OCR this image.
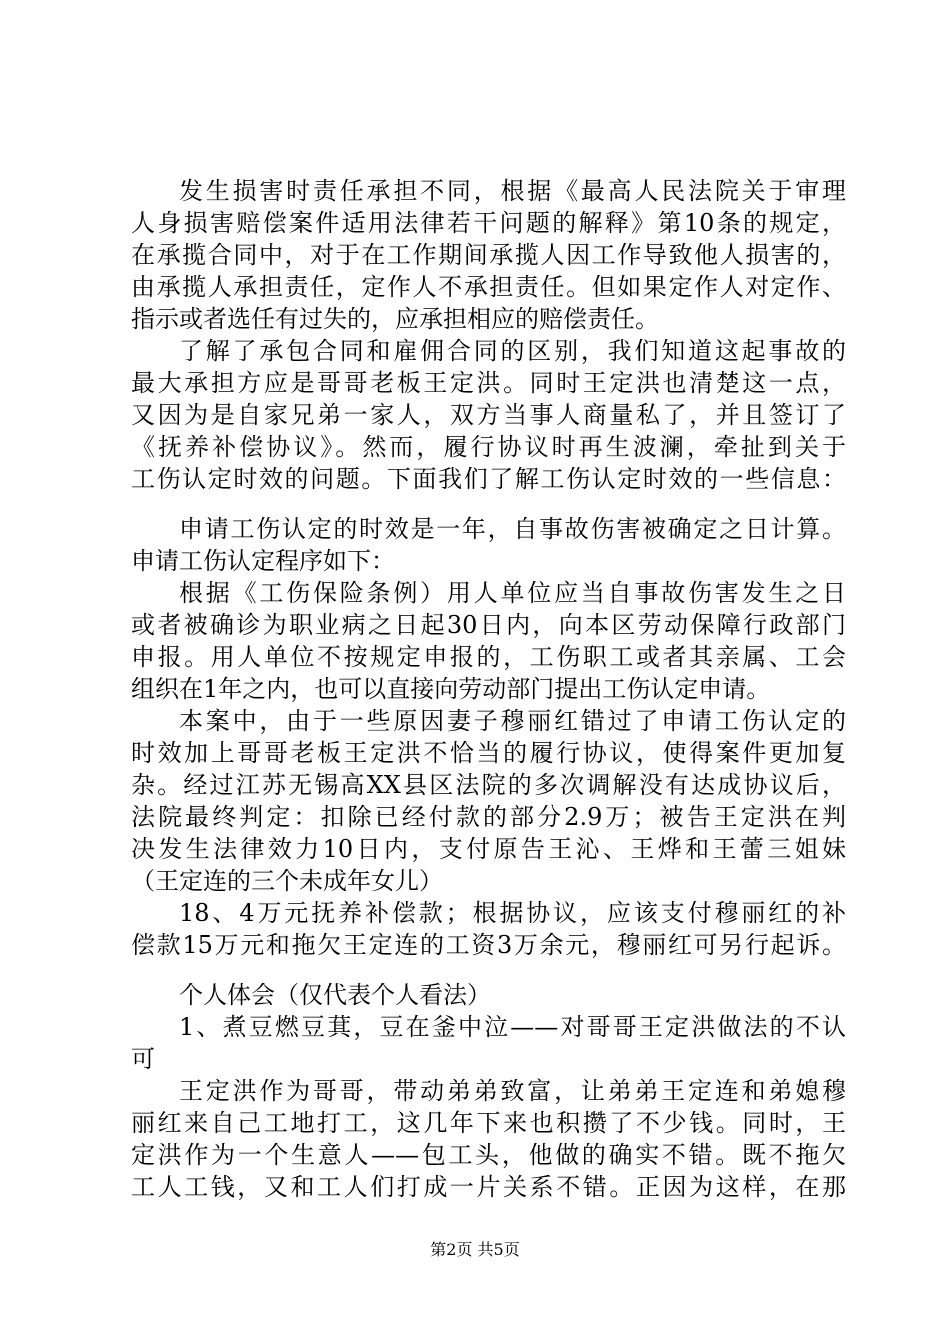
发生损害时责任承担不同，根据《最高人民法院关于审理
人身损害赔偿案件适用法律若干问题的解释》第10条的规定，
在承揽合同中，对于在工作期间承揽人因工作导致他人损害的，
由承揽人承担责任，定作人不承担责任。但如果定作人对定作、
指示或者选任有过失的，应承担相应的赔偿责任。
了解了承包合同和雇佣合同的区别，我们知道这起事故的
最大承担方应是哥哥老板王定洪。同时王定洪也清楚这一点，
又因为是自家兄弟一家人，双方当事人商量私了，并且签订了
《抚养补偿协议》。然而，履行协议时再生波澜，牵扯到关于
工伤认定时效的问题。下面我们了解工伤认定时效的一些信息：
申请工伤认定的时效是一年，自事故伤害被确定之日计算。
申请工伤认定程序如下：
根据《工伤保险条例）用人单位应当自事故伤害发生之日
或者被确诊为职业病之日起30日内，向本区劳动保障行政部门
申报。用人单位不按规定申报的，工伤职工或者其亲属、工会
组织在1年之内，也可以直接向劳动部门提出工伤认定申请。
本案中，由于一些原因妻子穆丽红错过了申请工伤认定的
时效加上哥哥老板王定洪不恰当的履行协议，使得案件更加复
杂。经过江苏无锡高XX县区法院的多次调解没有达成协议后，
法院最终判定：扣除已经付款的部分2.9万；被告王定洪在判
决发生法律效力10日内，支付原告王沁、王烨和王蕾三姐妹
（王定连的三个未成年女儿）
18、4万元抚养补偿款；根据协议，应该支付穆丽红的补
偿款15万元和拖欠王定连的工资3万余元，穆丽红可另行起诉。
个人体会（仅代表个人看法）
1、煮豆燃豆萁，豆在釜中泣——对哥哥王定洪做法的不认
可
王定洪作为哥哥，带动弟弟致富，让弟弟王定连和弟媳穆
丽红来自己工地打工，这几年下来也积攒了不少钱。同时，王
定洪作为一个生意人——包工头，他做的确实不错。既不拖欠
工人工钱，又和工人们打成一片关系不错。正因为这样，在那
第2页 共5页
